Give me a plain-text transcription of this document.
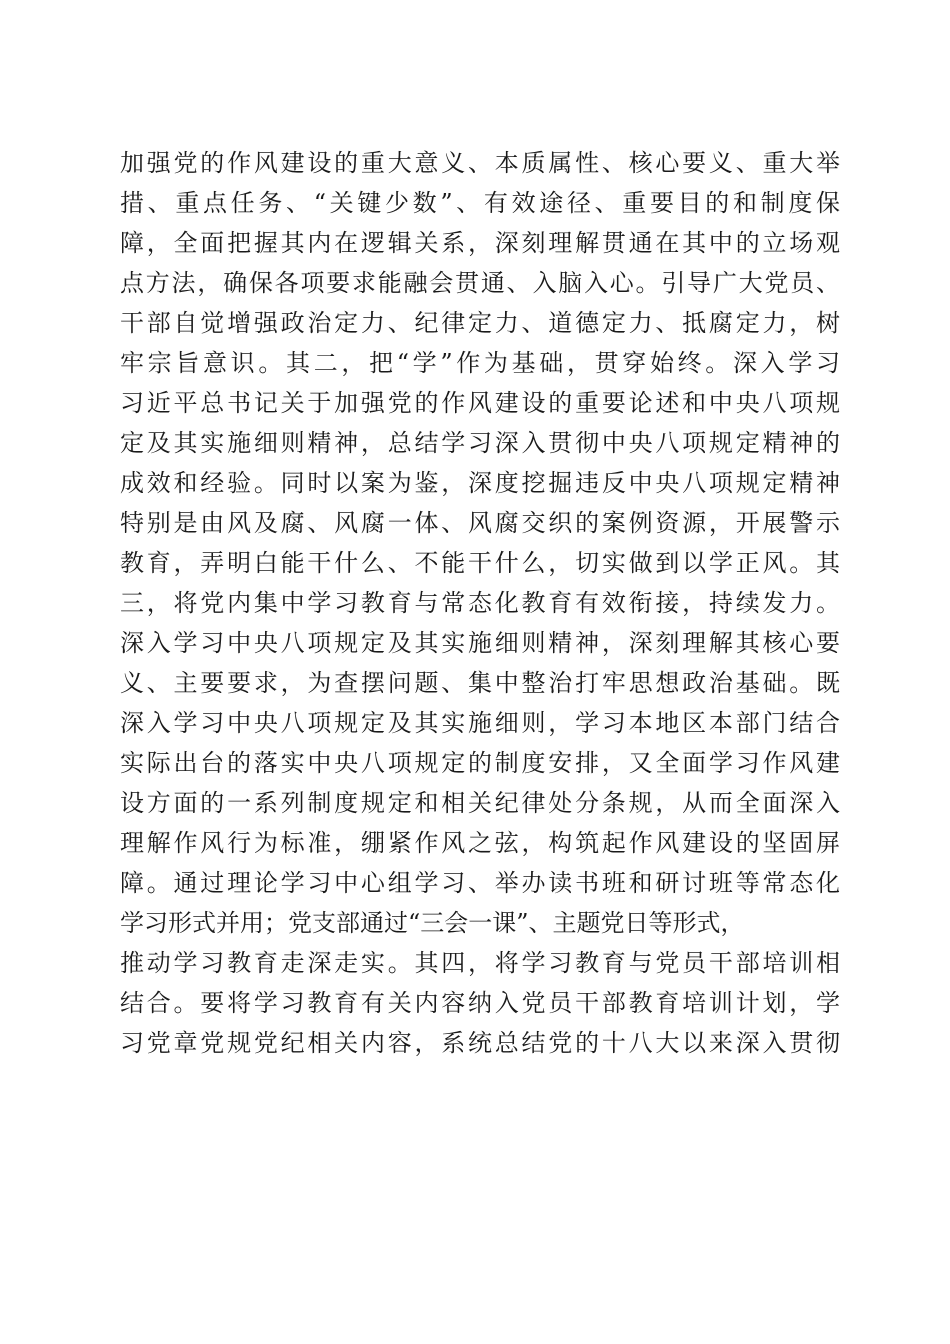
加强党的作风建设的重大意义、本质属性、核心要义、重大举
措、重点任务、“关键少数”、有效途径、重要目的和制度保
障，全面把握其内在逻辑关系，深刻理解贯通在其中的立场观
点方法，确保各项要求能融会贯通、入脑入心。引导广大党员、
干部自觉增强政治定力、纪律定力、道德定力、抵腐定力，树
牢宗旨意识。其二，把“学”作为基础，贯穿始终。深入学习
习近平总书记关于加强党的作风建设的重要论述和中央八项规
定及其实施细则精神，总结学习深入贯彻中央八项规定精神的
成效和经验。同时以案为鉴，深度挖掘违反中央八项规定精神
特别是由风及腐、风腐一体、风腐交织的案例资源，开展警示
教育，弄明白能干什么、不能干什么，切实做到以学正风。其
三，将党内集中学习教育与常态化教育有效衔接，持续发力。
深入学习中央八项规定及其实施细则精神，深刻理解其核心要
义、主要要求，为查摆问题、集中整治打牢思想政治基础。既
深入学习中央八项规定及其实施细则，学习本地区本部门结合
实际出台的落实中央八项规定的制度安排，又全面学习作风建
设方面的一系列制度规定和相关纪律处分条规，从而全面深入
理解作风行为标准，绷紧作风之弦，构筑起作风建设的坚固屏
障。通过理论学习中心组学习、举办读书班和研讨班等常态化
学习形式并用；党支部通过“三会一课”、主题党日等形式，
推动学习教育走深走实。其四，将学习教育与党员干部培训相
结合。要将学习教育有关内容纳入党员干部教育培训计划，学
习党章党规党纪相关内容，系统总结党的十八大以来深入贯彻
